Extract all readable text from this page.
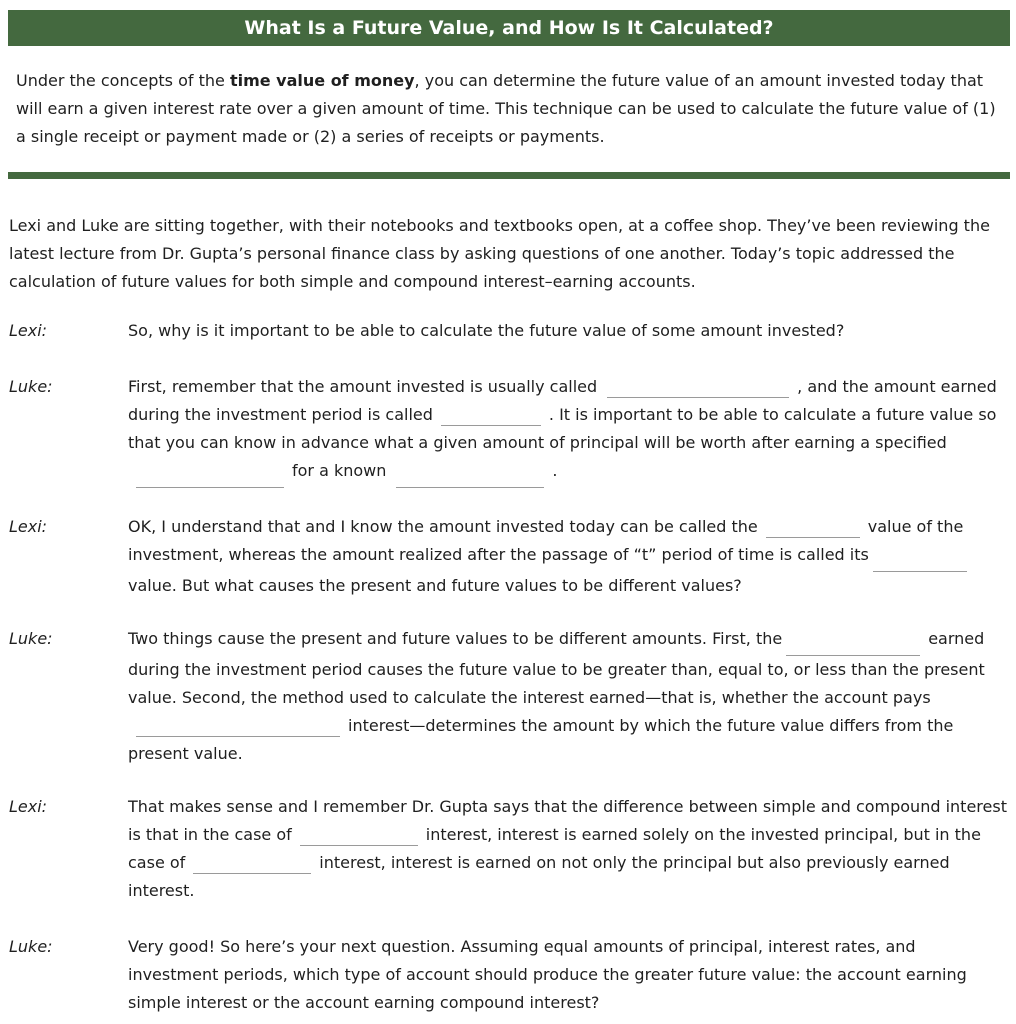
What Is a Future Value, and How Is It Calculated?
Under the concepts of the time value of money, you can determine the future value of an amount invested today that will earn a given interest rate over a given amount of time. This technique can be used to calculate the future value of (1) a single receipt or payment made or (2) a series of receipts or payments.
Lexi and Luke are sitting together, with their notebooks and textbooks open, at a coffee shop. They’ve been reviewing the latest lecture from Dr. Gupta’s personal finance class by asking questions of one another. Today’s topic addressed the calculation of future values for both simple and compound interest–earning accounts.
Lexi:	So, why is it important to be able to calculate the future value of some amount invested?
Luke:	First, remember that the amount invested is usually called	, and the amount earned during the investment period is called	. It is important to be able to calculate a future value so that you can know in advance what a given amount of principal will be worth after earning a specifiedfor a known	.
Lexi:	OK, I understand that and I know the amount invested today can be called the	value of the investment, whereas the amount realized after the passage of “t” period of time is called itsvalue. But what causes the present and future values to be different values?
Luke:	Two things cause the present and future values to be different amounts. First, the	earned during the investment period causes the future value to be greater than, equal to, or less than the present value. Second, the method used to calculate the interest earned—that is, whether the account paysinterest—determines the amount by which the future value differs from the present value.
Lexi:	That makes sense and I remember Dr. Gupta says that the difference between simple and compound interest is that in the case of	interest, interest is earned solely on the invested principal, but in the case of	interest, interest is earned on not only the principal but also previously earned interest.
Luke:	Very good! So here’s your next question. Assuming equal amounts of principal, interest rates, and investment periods, which type of account should produce the greater future value: the account earning simple interest or the account earning compound interest?
